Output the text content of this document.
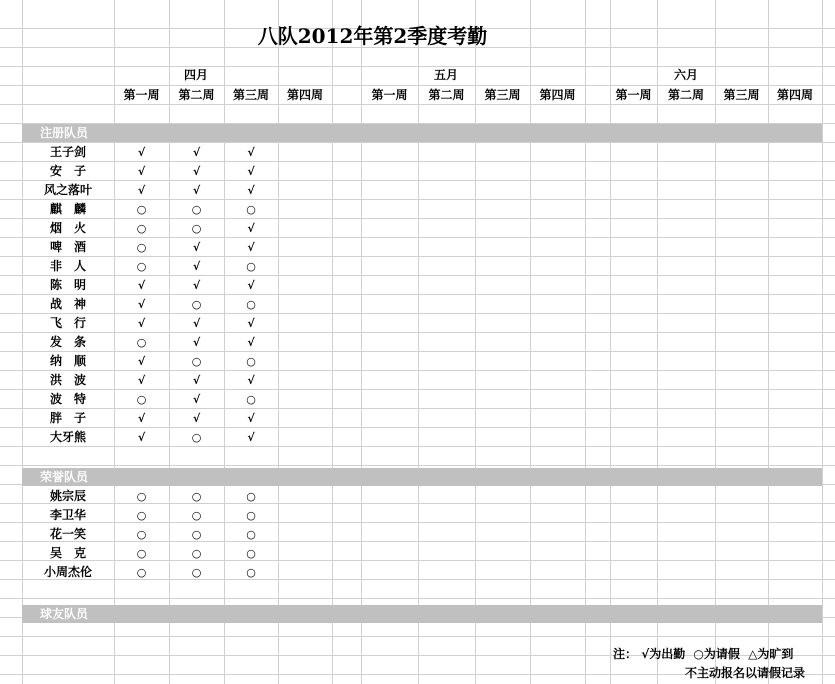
八队2012年第2季度考勤
四月	五月	六月
第一周	第二周	第三周	第四周	第一周	第二周	第三周	第四周	第一周	第二周	第三周	第四周
注册队员
荣誉队员
球友队员
王子剑	√	√	√
安　子	√	√	√
风之落叶	√	√	√
麒　麟	○	○	○
烟　火	○	○	√
啤　酒	○	√	√
非　人	○	√	○
陈　明	√	√	√
战　神	√	○	○
飞　行	√	√	√
发　条	○	√	√
纳　顺	√	○	○
洪　波	√	√	√
波　特	○	√	○
胖　子	√	√	√
大牙熊	√	○	√
姚宗辰	○	○	○
李卫华	○	○	○
花一笑	○	○	○
吴　克	○	○	○
小周杰伦	○	○	○
注： √为出勤 ○为请假 △为旷到
不主动报名以请假记录
